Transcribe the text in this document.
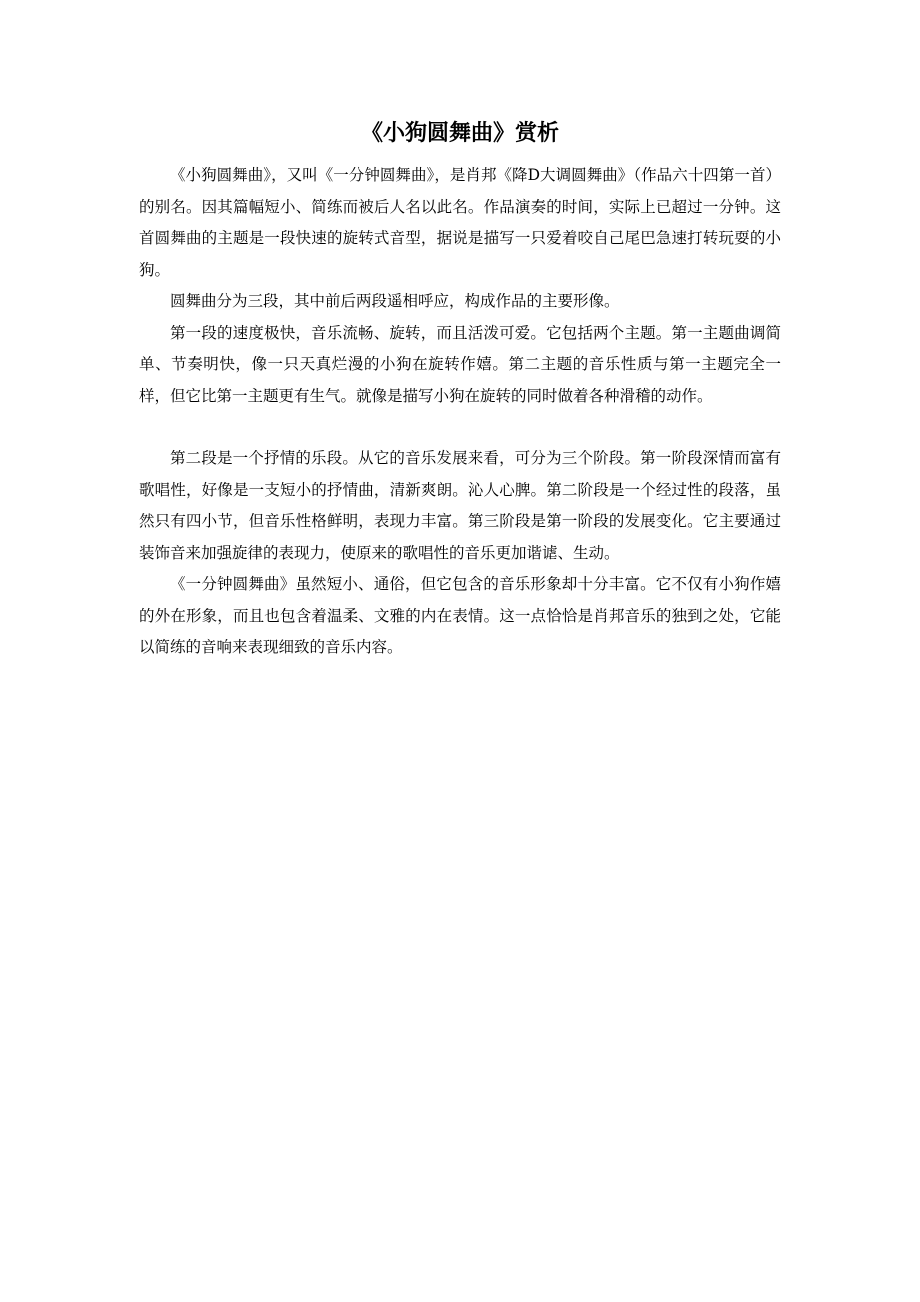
《小狗圆舞曲》赏析

《小狗圆舞曲》，又叫《一分钟圆舞曲》，是肖邦《降D大调圆舞曲》（作品六十四第一首）的别名。因其篇幅短小、简练而被后人名以此名。作品演奏的时间，实际上已超过一分钟。这首圆舞曲的主题是一段快速的旋转式音型，据说是描写一只爱着咬自己尾巴急速打转玩耍的小狗。

圆舞曲分为三段，其中前后两段遥相呼应，构成作品的主要形像。

第一段的速度极快，音乐流畅、旋转，而且活泼可爱。它包括两个主题。第一主题曲调简单、节奏明快，像一只天真烂漫的小狗在旋转作嬉。第二主题的音乐性质与第一主题完全一样，但它比第一主题更有生气。就像是描写小狗在旋转的同时做着各种滑稽的动作。

第二段是一个抒情的乐段。从它的音乐发展来看，可分为三个阶段。第一阶段深情而富有歌唱性，好像是一支短小的抒情曲，清新爽朗。沁人心脾。第二阶段是一个经过性的段落，虽然只有四小节，但音乐性格鲜明，表现力丰富。第三阶段是第一阶段的发展变化。它主要通过装饰音来加强旋律的表现力，使原来的歌唱性的音乐更加谐谑、生动。

《一分钟圆舞曲》虽然短小、通俗，但它包含的音乐形象却十分丰富。它不仅有小狗作嬉的外在形象，而且也包含着温柔、文雅的内在表情。这一点恰恰是肖邦音乐的独到之处，它能以简练的音响来表现细致的音乐内容。
